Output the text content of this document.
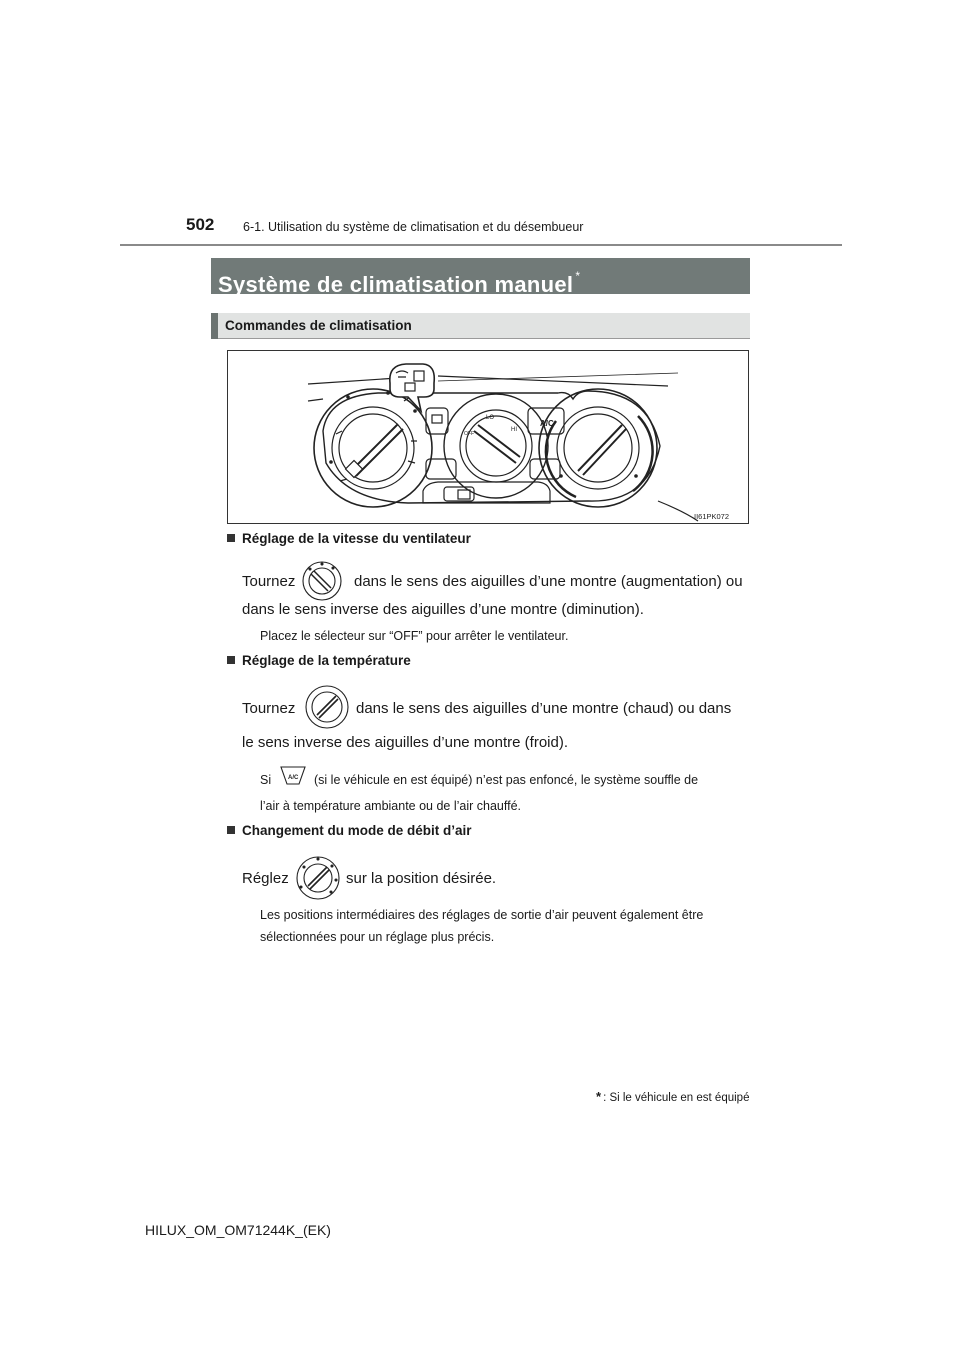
502 6-1. Utilisation du système de climatisation et du désembueur
Système de climatisation manuel *
Commandes de climatisation
A/C
LO
HI
OFF
II61PK072
Réglage de la vitesse du ventilateur
Tournez	dans le sens des aiguilles d’une montre (augmentation) ou
dans le sens inverse des aiguilles d’une montre (diminution).
Placez le sélecteur sur “OFF” pour arrêter le ventilateur.
Réglage de la température
Tournez	dans le sens des aiguilles d’une montre (chaud) ou dans
le sens inverse des aiguilles d’une montre (froid).
Si	A/C (si le véhicule en est équipé) n’est pas enfoncé, le système souffle de
l’air à température ambiante ou de l’air chauffé.
Changement du mode de débit d’air
Réglez	sur la position désirée.
Les positions intermédiaires des réglages de sortie d’air peuvent également être
sélectionnées pour un réglage plus précis.
* : Si le véhicule en est équipé
HILUX_OM_OM71244K_(EK)
